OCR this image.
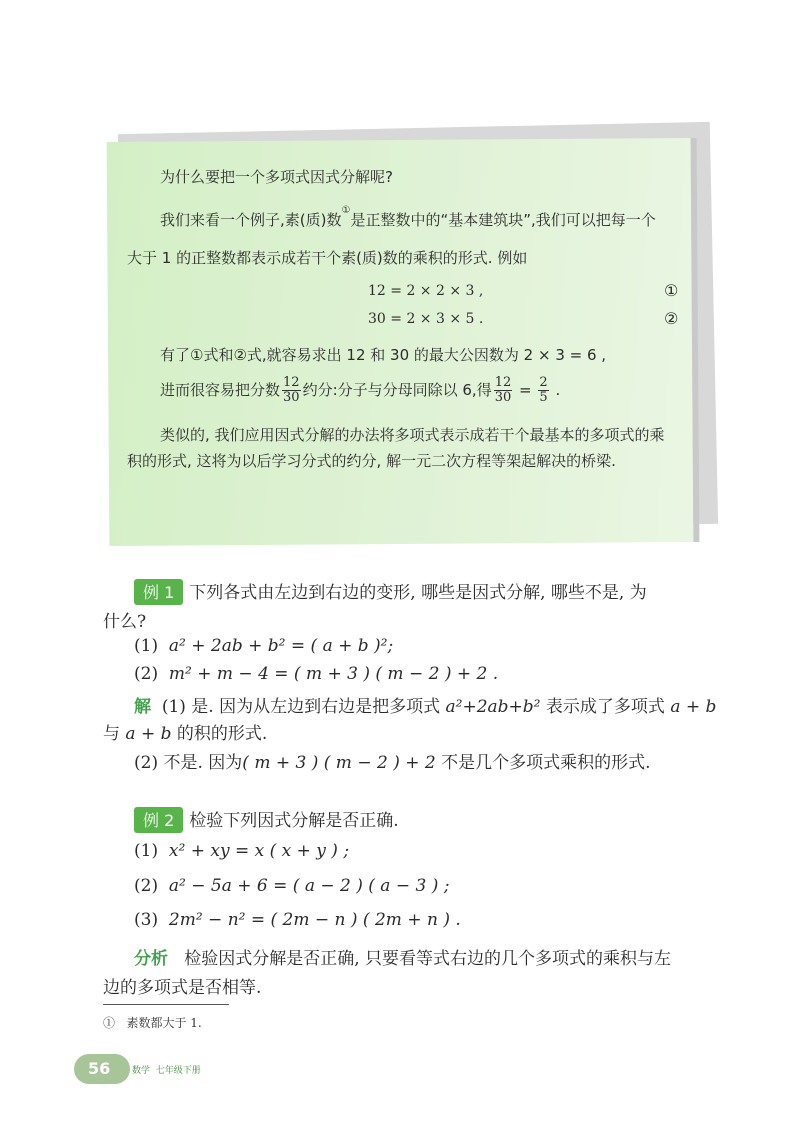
为什么要把一个多项式因式分解呢?
我们来看一个例子,素(质)数①是正整数中的“基本建筑块”,我们可以把每一个
大于 1 的正整数都表示成若干个素(质)数的乘积的形式. 例如
12 = 2 × 2 × 3 ,	①
30 = 2 × 3 × 5 .	②
有了①式和②式,就容易求出 12 和 30 的最大公因数为 2 × 3 = 6 ,
进而很容易把分数 $\frac{12}{30}$ 约分:分子与分母同除以 6,得 $\frac{12}{30} = \frac{2}{5}$ .
类似的, 我们应用因式分解的办法将多项式表示成若干个最基本的多项式的乘
积的形式, 这将为以后学习分式的约分, 解一元二次方程等架起解决的桥梁.
例 1 下列各式由左边到右边的变形, 哪些是因式分解, 哪些不是, 为
什么?
(1) a² + 2ab + b² = ( a + b )²;
(2) m² + m − 4 = ( m + 3 ) ( m − 2 ) + 2 .
解 (1) 是. 因为从左边到右边是把多项式 a²+2ab+b² 表示成了多项式 a + b
与 a + b 的积的形式.
(2) 不是. 因为( m + 3 ) ( m − 2 ) + 2 不是几个多项式乘积的形式.
例 2 检验下列因式分解是否正确.
(1) x² + xy = x ( x + y ) ;
(2) a² − 5a + 6 = ( a − 2 ) ( a − 3 ) ;
(3) 2m² − n² = ( 2m − n ) ( 2m + n ) .
分析 检验因式分解是否正确, 只要看等式右边的几个多项式的乘积与左
边的多项式是否相等.
① 素数都大于 1.
56 数学 七年级下册
